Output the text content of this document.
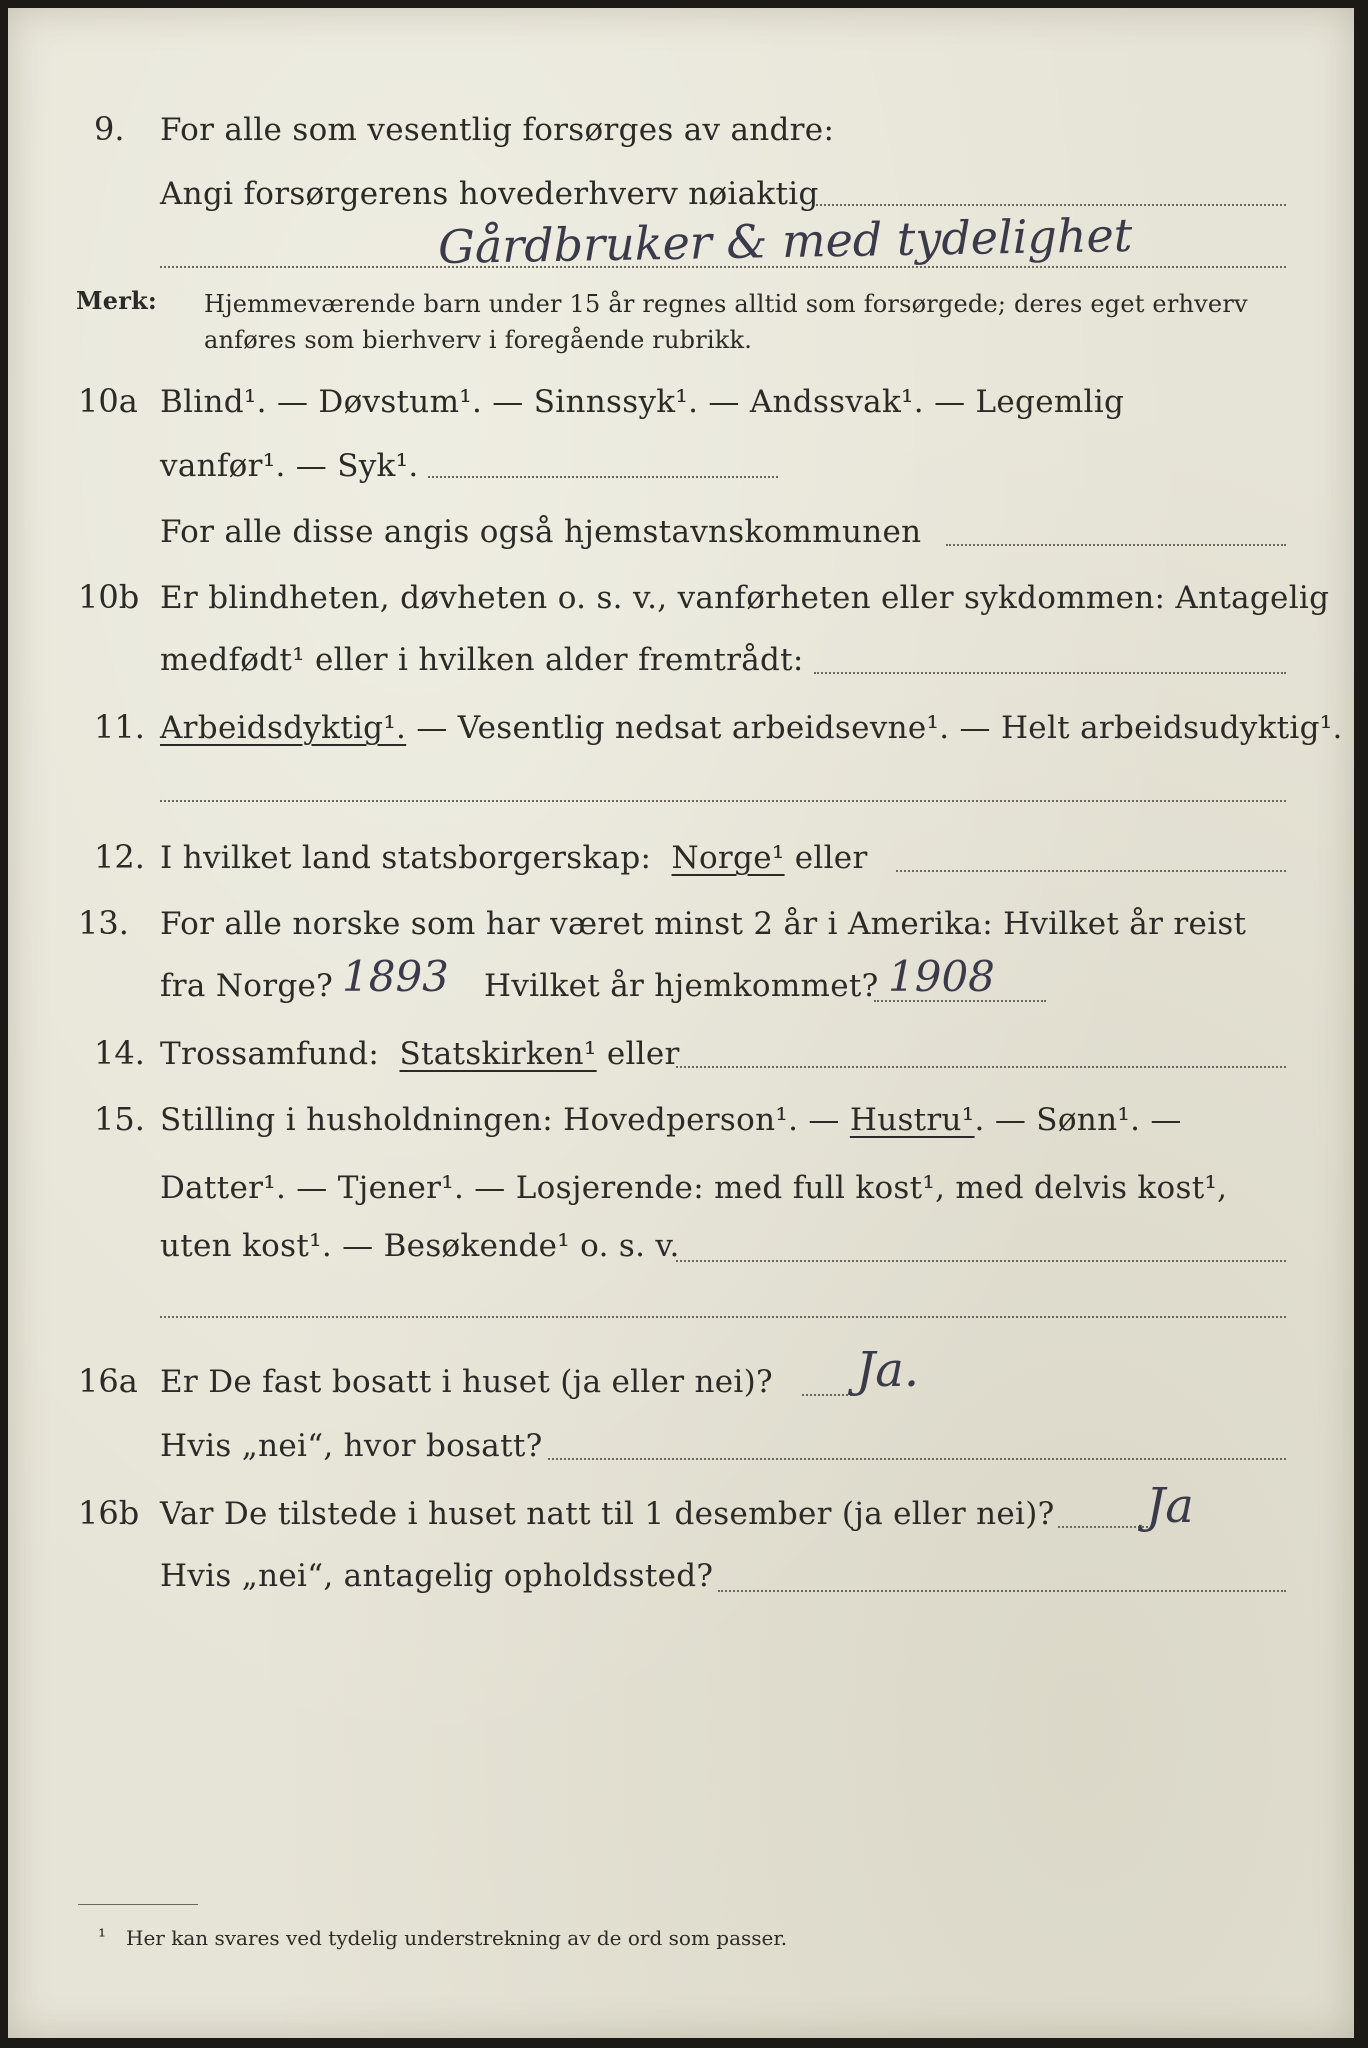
9. For alle som vesentlig forsørges av andre:
Angi forsørgerens hovederhverv nøiaktig
Gårdbruker & med tydelighet
Merk: Hjemmeværende barn under 15 år regnes alltid som forsørgede; deres eget erhverv
anføres som bierhverv i foregående rubrikk.
10a Blind¹. — Døvstum¹. — Sinnssyk¹. — Andssvak¹. — Legemlig
vanfør¹. — Syk¹.
For alle disse angis også hjemstavnskommunen
10b Er blindheten, døvheten o. s. v., vanførheten eller sykdommen: Antagelig
medfødt¹ eller i hvilken alder fremtrådt:
11. Arbeidsdyktig¹. — Vesentlig nedsat arbeidsevne¹. — Helt arbeidsudyktig¹.
12. I hvilket land statsborgerskap: Norge¹ eller
13. For alle norske som har været minst 2 år i Amerika: Hvilket år reist
fra Norge? 1893 Hvilket år hjemkommet? 1908
14. Trossamfund: Statskirken¹ eller
15. Stilling i husholdningen: Hovedperson¹. — Hustru¹. — Sønn¹. —
Datter¹. — Tjener¹. — Losjerende: med full kost¹, med delvis kost¹,
uten kost¹. — Besøkende¹ o. s. v.
16a Er De fast bosatt i huset (ja eller nei)? Ja.
Hvis „nei“, hvor bosatt?
16b Var De tilstede i huset natt til 1 desember (ja eller nei)? Ja
Hvis „nei“, antagelig opholdssted?
¹ Her kan svares ved tydelig understrekning av de ord som passer.
